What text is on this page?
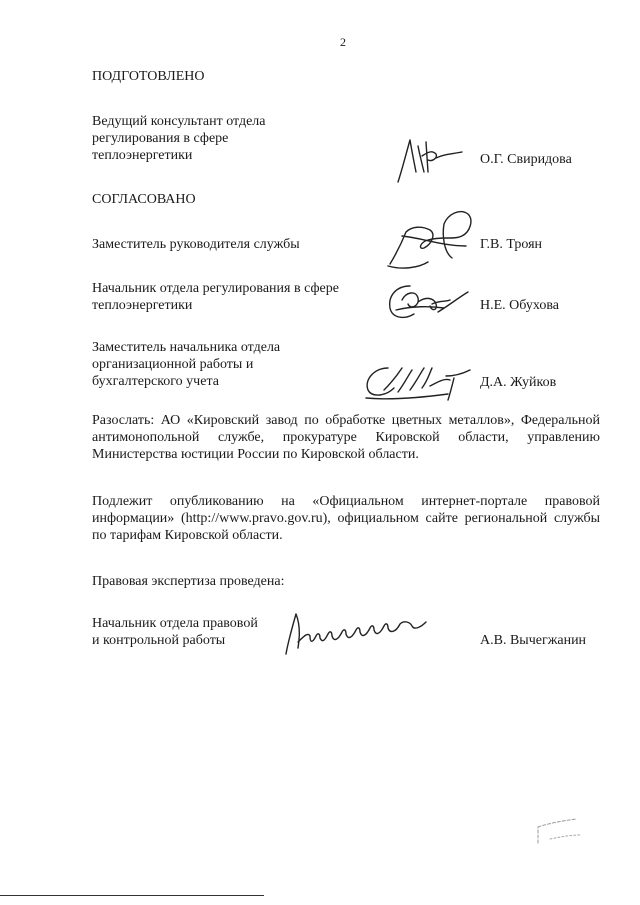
2
ПОДГОТОВЛЕНО
Ведущий консультант отдела
регулирования в сфере
теплоэнергетики	О.Г. Свиридова
СОГЛАСОВАНО
Заместитель руководителя службы	Г.В. Троян
Начальник отдела регулирования в сфере
теплоэнергетики	Н.Е. Обухова
Заместитель начальника отдела
организационной работы и
бухгалтерского учета	Д.А. Жуйков
Разослать: АО «Кировский завод по обработке цветных металлов», Федеральной антимонопольной службе, прокуратуре Кировской области, управлению Министерства юстиции России по Кировской области.
Подлежит опубликованию на «Официальном интернет-портале правовой информации» (http://www.pravo.gov.ru), официальном сайте региональной службы по тарифам Кировской области.
Правовая экспертиза проведена:
Начальник отдела правовой
и контрольной работы	А.В. Вычегжанин
